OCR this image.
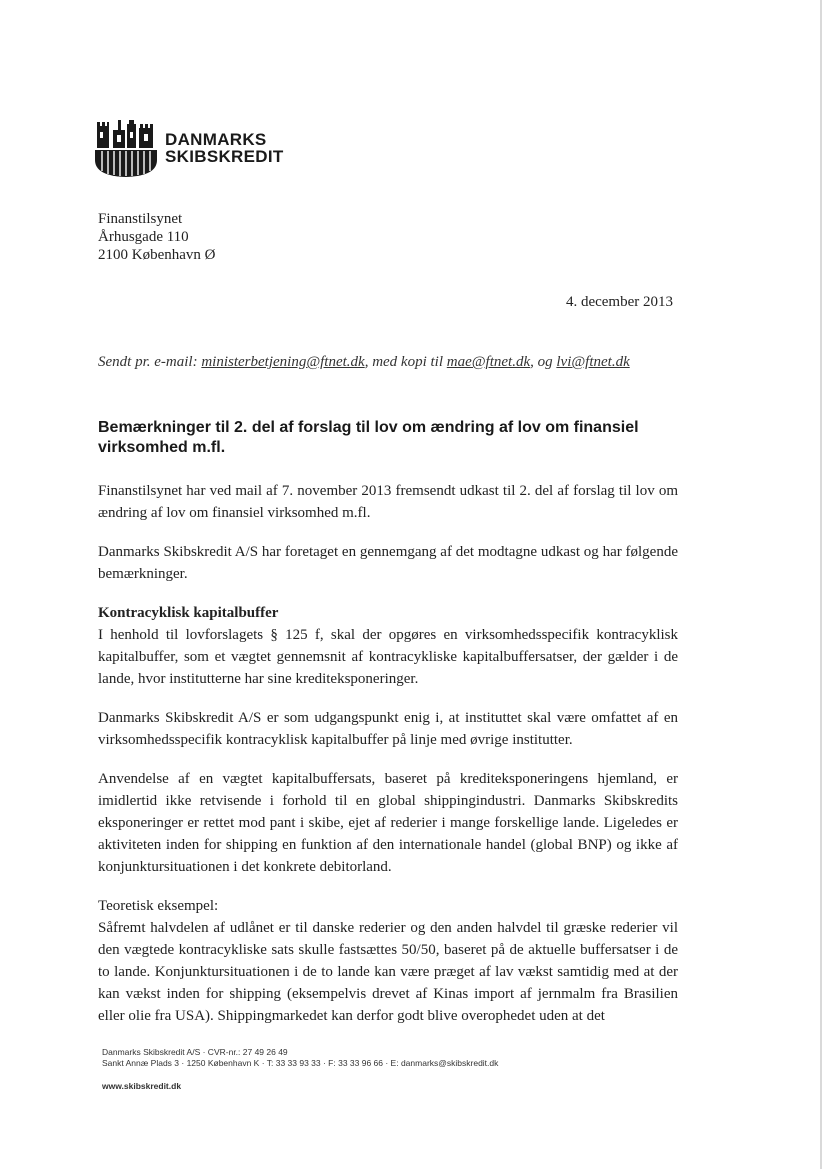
DANMARKS
SKIBSKREDIT
Finanstilsynet
Århusgade 110
2100 København Ø
4. december 2013
Sendt pr. e-mail: ministerbetjening@ftnet.dk, med kopi til mae@ftnet.dk, og lvi@ftnet.dk
Bemærkninger til 2. del af forslag til lov om ændring af lov om finansiel virksomhed m.fl.

Finanstilsynet har ved mail af 7. november 2013 fremsendt udkast til 2. del af forslag til lov om ændring af lov om finansiel virksomhed m.fl.

Danmarks Skibskredit A/S har foretaget en gennemgang af det modtagne udkast og har følgende bemærkninger.

Kontracyklisk kapitalbuffer

I henhold til lovforslagets § 125 f, skal der opgøres en virksomhedsspecifik kontracyklisk kapitalbuffer, som et vægtet gennemsnit af kontracykliske kapitalbuffersatser, der gælder i de lande, hvor institutterne har sine krediteksponeringer.

Danmarks Skibskredit A/S er som udgangspunkt enig i, at instituttet skal være omfattet af en virksomhedsspecifik kontracyklisk kapitalbuffer på linje med øvrige institutter.

Anvendelse af en vægtet kapitalbuffersats, baseret på krediteksponeringens hjemland, er imidlertid ikke retvisende i forhold til en global shippingindustri. Danmarks Skibskredits eksponeringer er rettet mod pant i skibe, ejet af rederier i mange forskellige lande. Ligeledes er aktiviteten inden for shipping en funktion af den internationale handel (global BNP) og ikke af konjunktursituationen i det konkrete debitorland.

Teoretisk eksempel:

Såfremt halvdelen af udlånet er til danske rederier og den anden halvdel til græske rederier vil den vægtede kontracykliske sats skulle fastsættes 50/50, baseret på de aktuelle buffersatser i de to lande. Konjunktursituationen i de to lande kan være præget af lav vækst samtidig med at der kan vækst inden for shipping (eksempelvis drevet af Kinas import af jernmalm fra Brasilien eller olie fra USA). Shippingmarkedet kan derfor godt blive overophedet uden at det

Danmarks Skibskredit A/S · CVR-nr.: 27 49 26 49
Sankt Annæ Plads 3 · 1250 København K · T: 33 33 93 33 · F: 33 33 96 66 · E: danmarks@skibskredit.dk
www.skibskredit.dk
